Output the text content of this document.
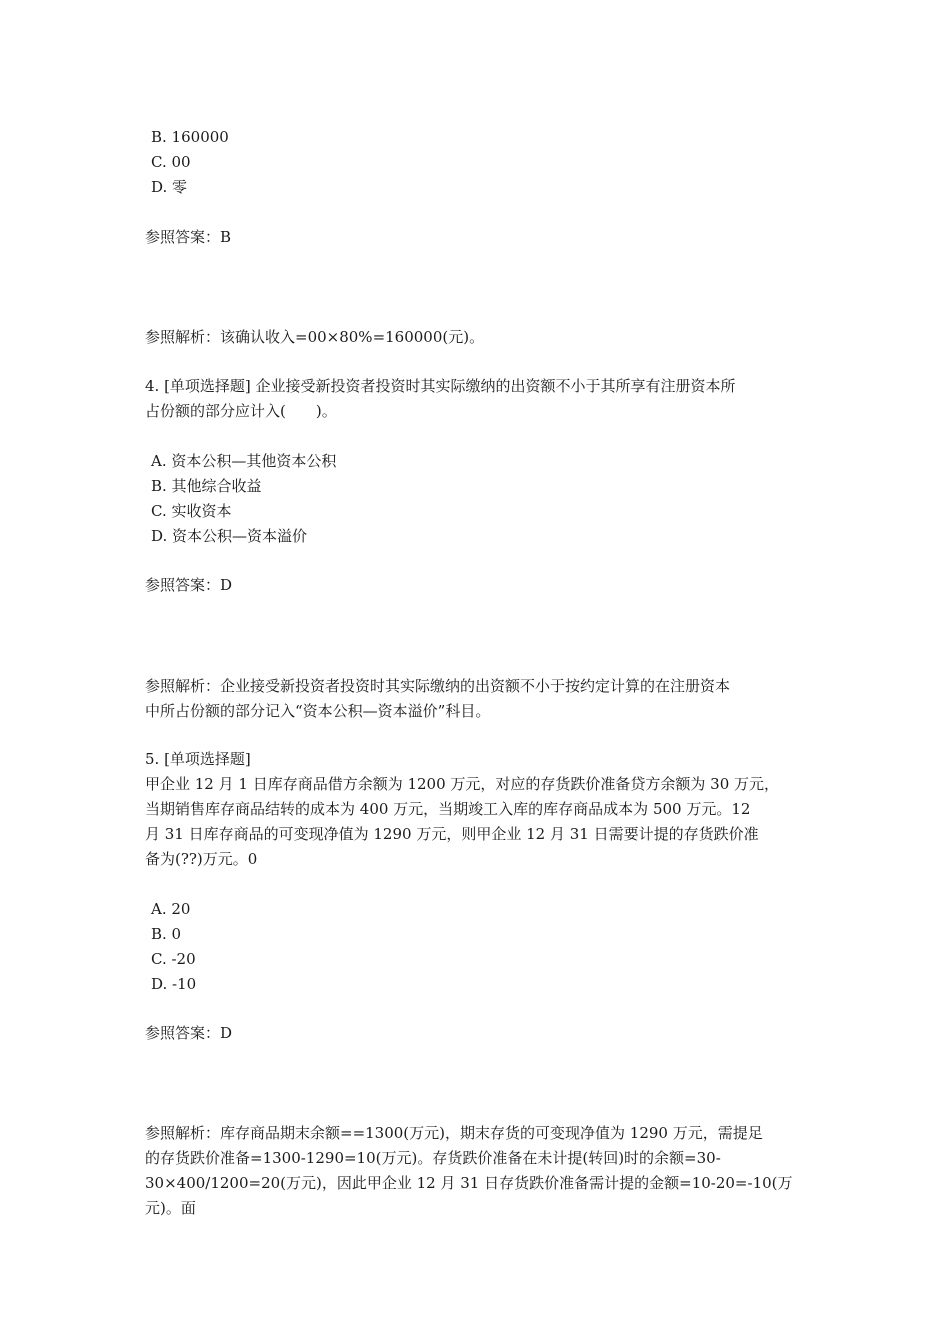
B. 160000
C. 00
D. 零
参照答案：B
参照解析：该确认收入=00×80%=160000(元)。
4. [单项选择题] 企业接受新投资者投资时其实际缴纳的出资额不小于其所享有注册资本所
占份额的部分应计入(　　)。
A. 资本公积—其他资本公积
B. 其他综合收益
C. 实收资本
D. 资本公积—资本溢价
参照答案：D
参照解析：企业接受新投资者投资时其实际缴纳的出资额不小于按约定计算的在注册资本
中所占份额的部分记入“资本公积—资本溢价”科目。
5. [单项选择题]
甲企业 12 月 1 日库存商品借方余额为 1200 万元，对应的存货跌价准备贷方余额为 30 万元，
当期销售库存商品结转的成本为 400 万元，当期竣工入库的库存商品成本为 500 万元。12
月 31 日库存商品的可变现净值为 1290 万元，则甲企业 12 月 31 日需要计提的存货跌价准
备为(??)万元。0
A. 20
B. 0
C. -20
D. -10
参照答案：D
参照解析：库存商品期末余额==1300(万元)，期末存货的可变现净值为 1290 万元，需提足
的存货跌价准备=1300-1290=10(万元)。存货跌价准备在未计提(转回)时的余额=30-
30×400/1200=20(万元)，因此甲企业 12 月 31 日存货跌价准备需计提的金额=10-20=-10(万
元)。面
